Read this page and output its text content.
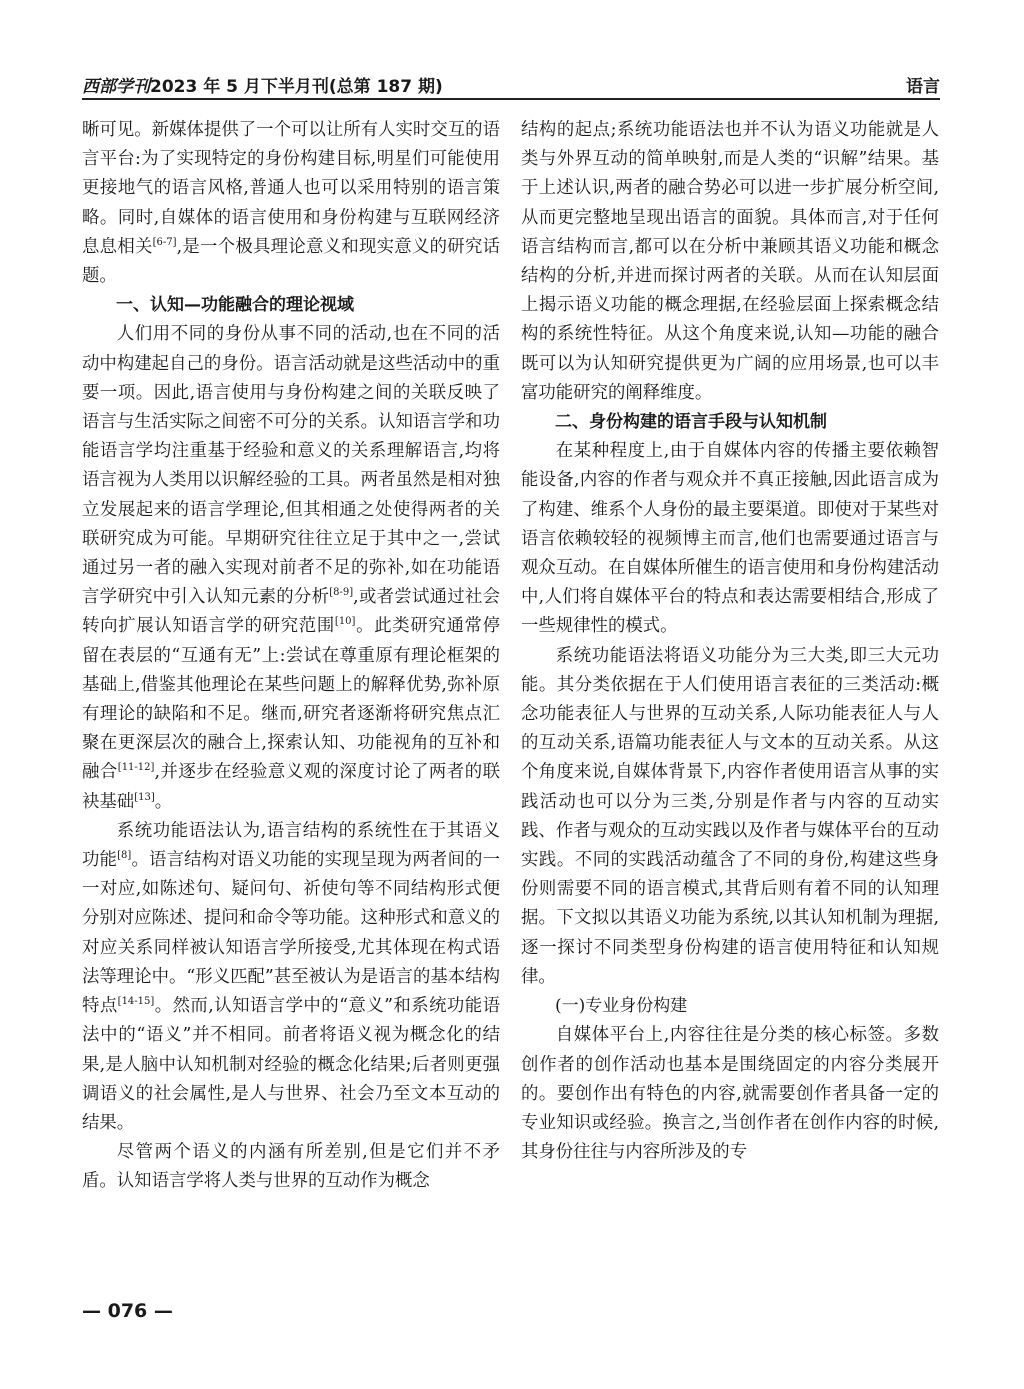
西部学刊2023 年 5 月下半月刊(总第 187 期)	语言

晰可见。新媒体提供了一个可以让所有人实时交互的语言平台:为了实现特定的身份构建目标,明星们可能使用更接地气的语言风格,普通人也可以采用特别的语言策略。同时,自媒体的语言使用和身份构建与互联网经济息息相关[6-7],是一个极具理论意义和现实意义的研究话题。

一、认知—功能融合的理论视域

人们用不同的身份从事不同的活动,也在不同的活动中构建起自己的身份。语言活动就是这些活动中的重要一项。因此,语言使用与身份构建之间的关联反映了语言与生活实际之间密不可分的关系。认知语言学和功能语言学均注重基于经验和意义的关系理解语言,均将语言视为人类用以识解经验的工具。两者虽然是相对独立发展起来的语言学理论,但其相通之处使得两者的关联研究成为可能。早期研究往往立足于其中之一,尝试通过另一者的融入实现对前者不足的弥补,如在功能语言学研究中引入认知元素的分析[8-9],或者尝试通过社会转向扩展认知语言学的研究范围[10]。此类研究通常停留在表层的“互通有无”上:尝试在尊重原有理论框架的基础上,借鉴其他理论在某些问题上的解释优势,弥补原有理论的缺陷和不足。继而,研究者逐渐将研究焦点汇聚在更深层次的融合上,探索认知、功能视角的互补和融合[11-12],并逐步在经验意义观的深度讨论了两者的联袂基础[13]。

系统功能语法认为,语言结构的系统性在于其语义功能[8]。语言结构对语义功能的实现呈现为两者间的一一对应,如陈述句、疑问句、祈使句等不同结构形式便分别对应陈述、提问和命令等功能。这种形式和意义的对应关系同样被认知语言学所接受,尤其体现在构式语法等理论中。“形义匹配”甚至被认为是语言的基本结构特点[14-15]。然而,认知语言学中的“意义”和系统功能语法中的“语义”并不相同。前者将语义视为概念化的结果,是人脑中认知机制对经验的概念化结果;后者则更强调语义的社会属性,是人与世界、社会乃至文本互动的结果。

尽管两个语义的内涵有所差别,但是它们并不矛盾。认知语言学将人类与世界的互动作为概念

结构的起点;系统功能语法也并不认为语义功能就是人类与外界互动的简单映射,而是人类的“识解”结果。基于上述认识,两者的融合势必可以进一步扩展分析空间,从而更完整地呈现出语言的面貌。具体而言,对于任何语言结构而言,都可以在分析中兼顾其语义功能和概念结构的分析,并进而探讨两者的关联。从而在认知层面上揭示语义功能的概念理据,在经验层面上探索概念结构的系统性特征。从这个角度来说,认知—功能的融合既可以为认知研究提供更为广阔的应用场景,也可以丰富功能研究的阐释维度。

二、身份构建的语言手段与认知机制

在某种程度上,由于自媒体内容的传播主要依赖智能设备,内容的作者与观众并不真正接触,因此语言成为了构建、维系个人身份的最主要渠道。即使对于某些对语言依赖较轻的视频博主而言,他们也需要通过语言与观众互动。在自媒体所催生的语言使用和身份构建活动中,人们将自媒体平台的特点和表达需要相结合,形成了一些规律性的模式。

系统功能语法将语义功能分为三大类,即三大元功能。其分类依据在于人们使用语言表征的三类活动:概念功能表征人与世界的互动关系,人际功能表征人与人的互动关系,语篇功能表征人与文本的互动关系。从这个角度来说,自媒体背景下,内容作者使用语言从事的实践活动也可以分为三类,分别是作者与内容的互动实践、作者与观众的互动实践以及作者与媒体平台的互动实践。不同的实践活动蕴含了不同的身份,构建这些身份则需要不同的语言模式,其背后则有着不同的认知理据。下文拟以其语义功能为系统,以其认知机制为理据,逐一探讨不同类型身份构建的语言使用特征和认知规律。

(一)专业身份构建

自媒体平台上,内容往往是分类的核心标签。多数创作者的创作活动也基本是围绕固定的内容分类展开的。要创作出有特色的内容,就需要创作者具备一定的专业知识或经验。换言之,当创作者在创作内容的时候,其身份往往与内容所涉及的专

— 076 —
